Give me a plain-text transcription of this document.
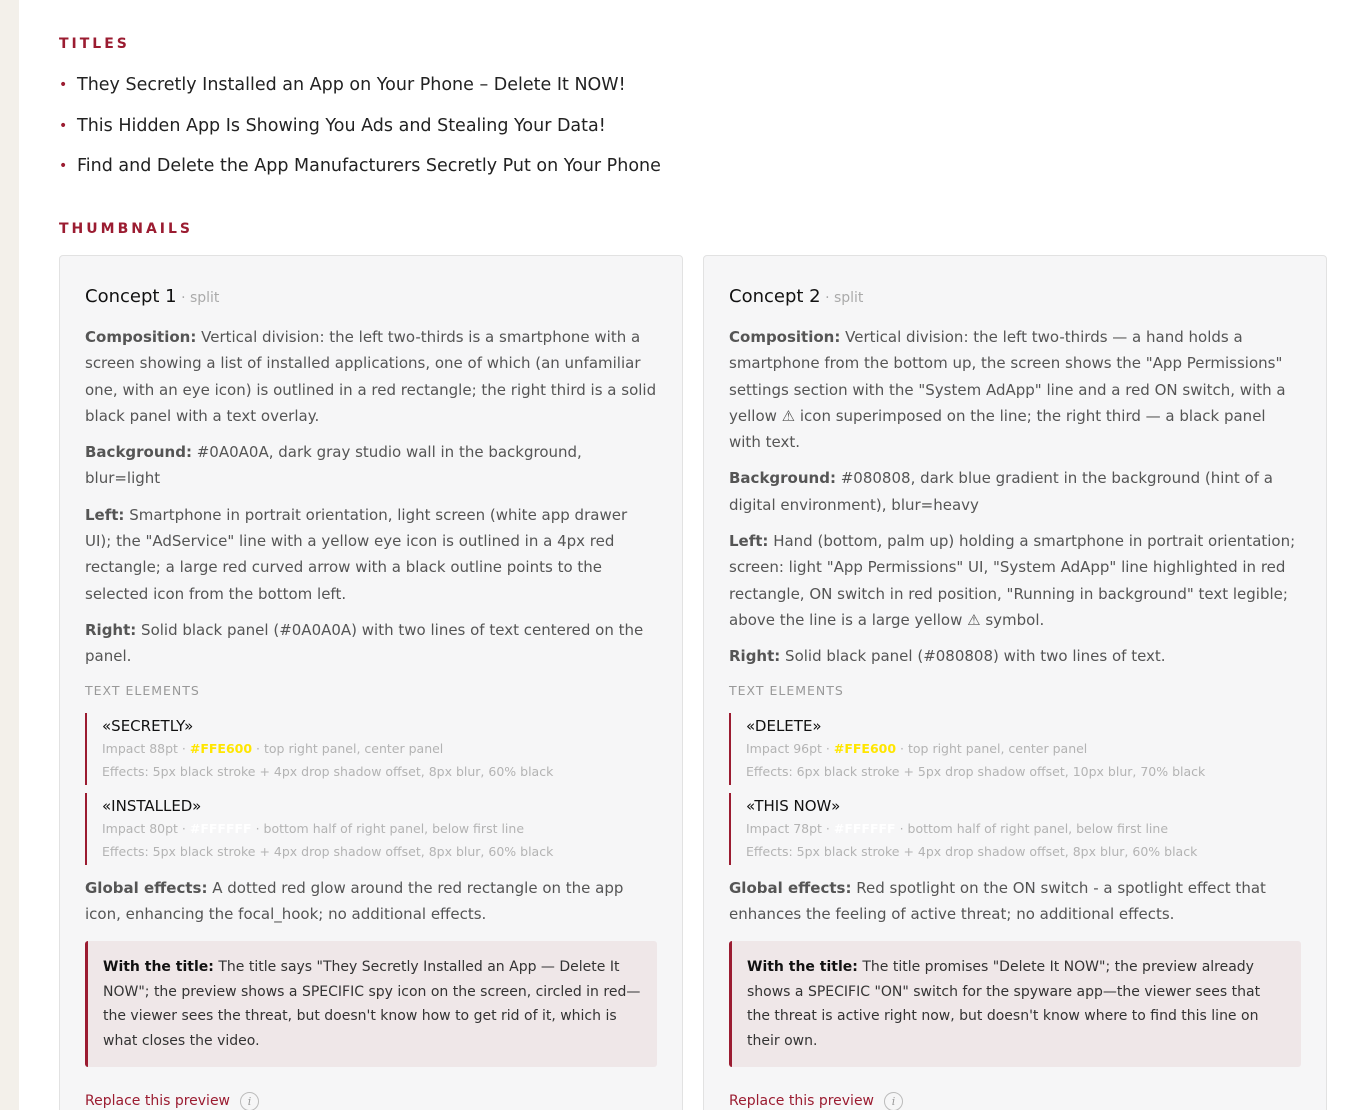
TITLES
• They Secretly Installed an App on Your Phone – Delete It NOW!
• This Hidden App Is Showing You Ads and Stealing Your Data!
• Find and Delete the App Manufacturers Secretly Put on Your Phone
THUMBNAILS
Concept 1 · split

Composition: Vertical division: the left two-thirds is a smartphone with a screen showing a list of installed applications, one of which (an unfamiliar one, with an eye icon) is outlined in a red rectangle; the right third is a solid black panel with a text overlay.

Background: #0A0A0A, dark gray studio wall in the background, blur=light

Left: Smartphone in portrait orientation, light screen (white app drawer UI); the "AdService" line with a yellow eye icon is outlined in a 4px red rectangle; a large red curved arrow with a black outline points to the selected icon from the bottom left.

Right: Solid black panel (#0A0A0A) with two lines of text centered on the panel.

TEXT ELEMENTS
«SECRETLY»
Impact 88pt · #FFE600 · top right panel, center panel
Effects: 5px black stroke + 4px drop shadow offset, 8px blur, 60% black
«INSTALLED»
Impact 80pt · #FFFFFF · bottom half of right panel, below first line
Effects: 5px black stroke + 4px drop shadow offset, 8px blur, 60% black

Global effects: A dotted red glow around the red rectangle on the app icon, enhancing the focal_hook; no additional effects.

With the title: The title says "They Secretly Installed an App — Delete It NOW"; the preview shows a SPECIFIC spy icon on the screen, circled in red—the viewer sees the threat, but doesn't know how to get rid of it, which is what closes the video.
Replace this preview	i
Concept 2 · split

Composition: Vertical division: the left two-thirds — a hand holds a smartphone from the bottom up, the screen shows the "App Permissions" settings section with the "System AdApp" line and a red ON switch, with a yellow ⚠ icon superimposed on the line; the right third — a black panel with text.

Background: #080808, dark blue gradient in the background (hint of a digital environment), blur=heavy

Left: Hand (bottom, palm up) holding a smartphone in portrait orientation; screen: light "App Permissions" UI, "System AdApp" line highlighted in red rectangle, ON switch in red position, "Running in background" text legible; above the line is a large yellow ⚠ symbol.

Right: Solid black panel (#080808) with two lines of text.

TEXT ELEMENTS
«DELETE»
Impact 96pt · #FFE600 · top right panel, center panel
Effects: 6px black stroke + 5px drop shadow offset, 10px blur, 70% black
«THIS NOW»
Impact 78pt · #FFFFFF · bottom half of right panel, below first line
Effects: 5px black stroke + 4px drop shadow offset, 8px blur, 60% black

Global effects: Red spotlight on the ON switch - a spotlight effect that enhances the feeling of active threat; no additional effects.

With the title: The title promises "Delete It NOW"; the preview already shows a SPECIFIC "ON" switch for the spyware app—the viewer sees that the threat is active right now, but doesn't know where to find this line on their own.
Replace this preview	i
